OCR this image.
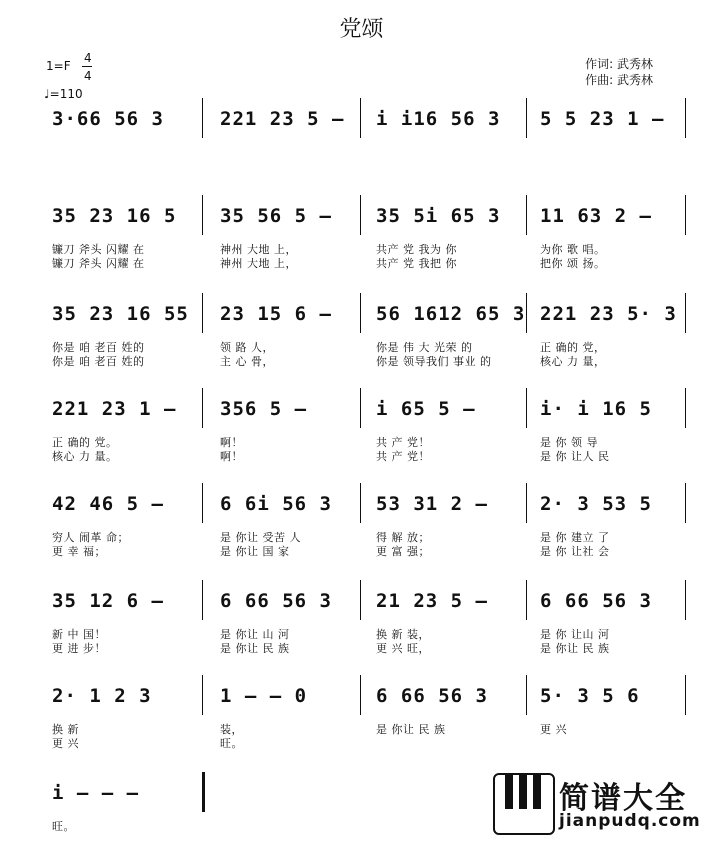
党颂
1=F
4
4
♩=110
作词: 武秀林
作曲: 武秀林
3·66 56 3	221 23 5 – i i16 56 3 5 5 23 1 –
35 23 16 5
镰刀 斧头 闪耀 在
镰刀 斧头 闪耀 在
35 56 5 –
神州 大地 上，
神州 大地 上，
35 5i 65 3
共产 党 我为 你
共产 党 我把 你
11 63 2 –
为你 歌 唱。
把你 颂 扬。
35 23 16 55
你是 咱 老百 姓的
你是 咱 老百 姓的
23 15 6 –
领 路 人，
主 心 骨，
56 1612 65 3
你是 伟 大 光荣 的
你是 领导我们 事业 的
221 23 5· 3
正 确的 党，
核心 力 量，
221 23 1 –
正 确的 党。
核心 力 量。
356 5 –
啊！
啊！
i 65 5 –
共 产 党！
共 产 党！
i· i 16 5
是 你 领 导
是 你 让人 民
42 46 5 –
穷人 闹革 命；
更 幸 福；
6 6i 56 3
是 你让 受苦 人
是 你让 国 家
53 31 2 –
得 解 放；
更 富 强；
2· 3 53 5
是 你 建立 了
是 你 让社 会
35 12 6 –
新 中 国！
更 进 步！
6 66 56 3
是 你让 山 河
是 你让 民 族
21 23 5 –
换 新 装，
更 兴 旺，
6 66 56 3
是 你 让山 河
是 你让 民 族
2· 1 2 3
换 新
更 兴
1 – – 0
装，
旺。
6 66 56 3
是 你让 民 族
5· 3 5 6
更 兴
i – – –
旺。
简谱大全
jianpudq.com
